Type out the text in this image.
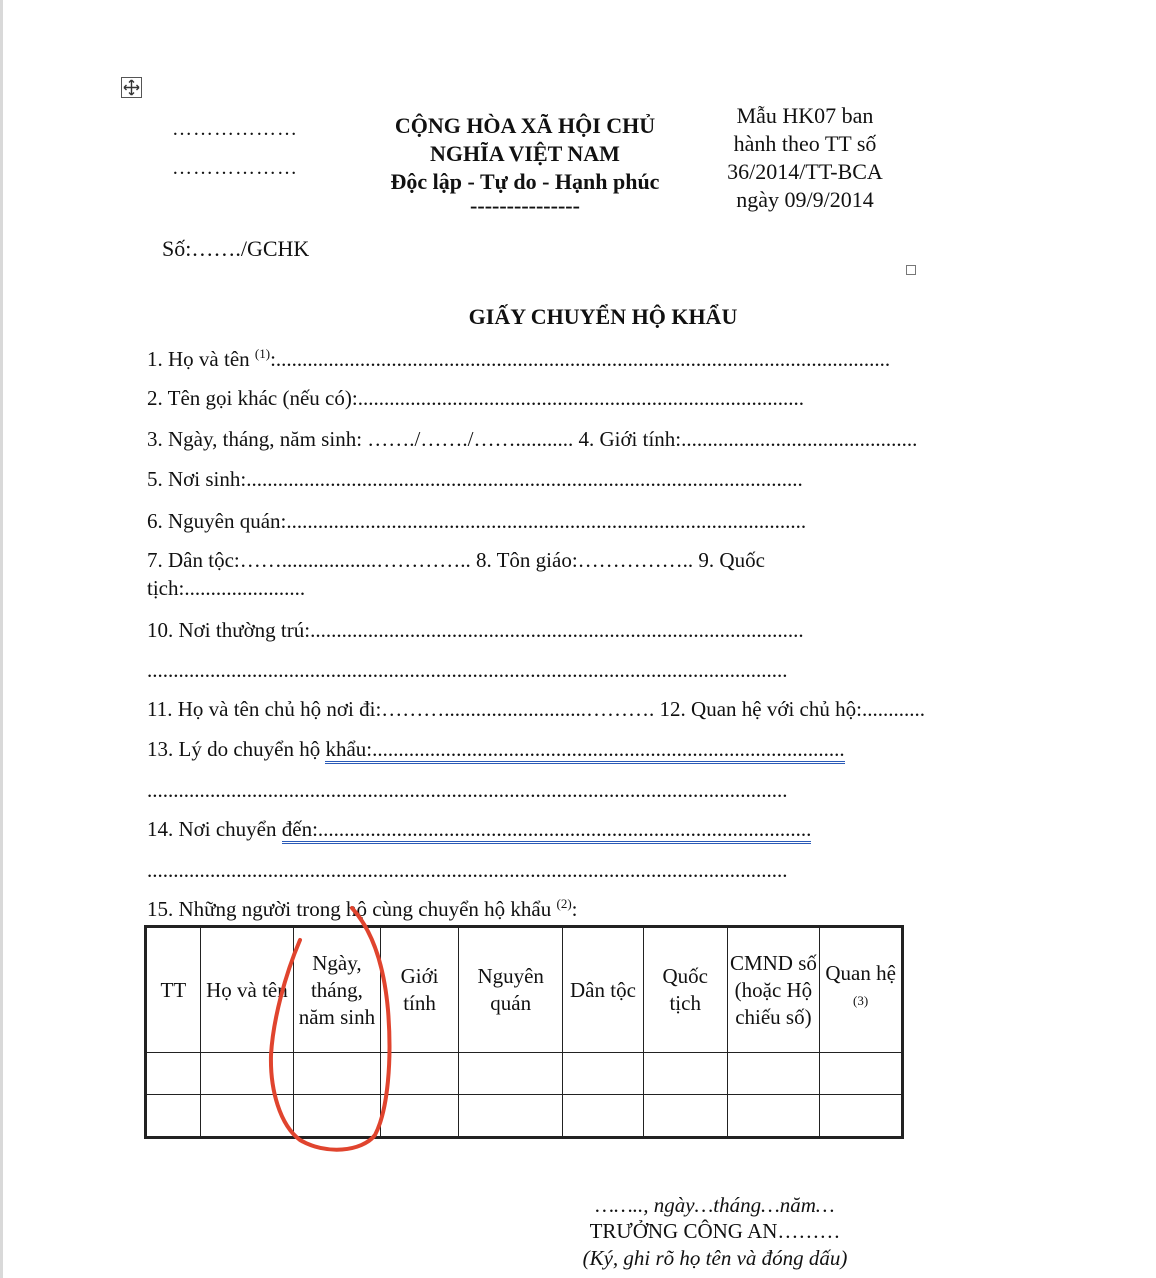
………………
………………
CỘNG HÒA XÃ HỘI CHỦ
NGHĨA VIỆT NAM
Độc lập - Tự do - Hạnh phúc
---------------
Mẫu HK07 ban
hành theo TT số
36/2014/TT-BCA
ngày 09/9/2014
Số:……./GCHK
GIẤY CHUYỂN HỘ KHẨU
1. Họ và tên $^{(1)}$:.....................................................................................................................
2. Tên gọi khác (nếu có):.....................................................................................
3. Ngày, tháng, năm sinh: ……./……./……........... 4. Giới tính:.............................................
5. Nơi sinh:..........................................................................................................
6. Nguyên quán:...................................................................................................
7. Dân tộc:……..................………….. 8. Tôn giáo:…………….. 9. Quốc
tịch:.......................
10. Nơi thường trú:..............................................................................................
..........................................................................................................................
11. Họ và tên chủ hộ nơi đi:………...........................………. 12. Quan hệ với chủ hộ:............
13. Lý do chuyển hộ khẩu:..........................................................................................
..........................................................................................................................
14. Nơi chuyển đến:..............................................................................................
..........................................................................................................................
15. Những người trong hộ cùng chuyển hộ khẩu $^{(2)}$:
TT	Họ và tên	Ngày, tháng, năm sinh	Giới tính	Nguyên quán	Dân tộc	Quốc tịch	CMND số (hoặc Hộ chiếu số)	Quan hệ $^{(3)}$

…….., ngày…tháng…năm…
TRƯỞNG CÔNG AN………
(Ký, ghi rõ họ tên và đóng dấu)
